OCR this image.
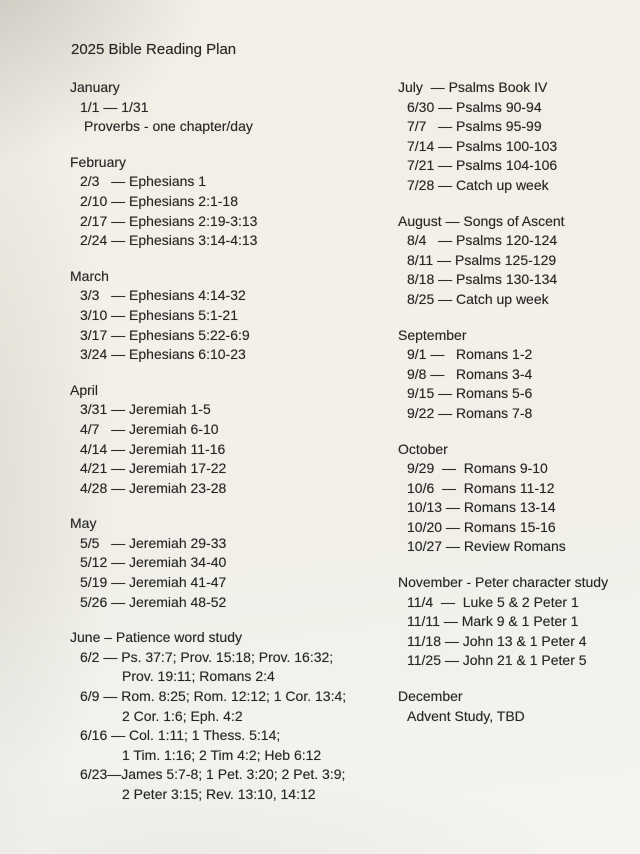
2025 Bible Reading Plan
January
1/1 — 1/31
Proverbs - one chapter/day
February
2/3   — Ephesians 1
2/10 — Ephesians 2:1-18
2/17 — Ephesians 2:19-3:13
2/24 — Ephesians 3:14-4:13
March
3/3   — Ephesians 4:14-32
3/10 — Ephesians 5:1-21
3/17 — Ephesians 5:22-6:9
3/24 — Ephesians 6:10-23
April
3/31 — Jeremiah 1-5
4/7   — Jeremiah 6-10
4/14 — Jeremiah 11-16
4/21 — Jeremiah 17-22
4/28 — Jeremiah 23-28
May
5/5   — Jeremiah 29-33
5/12 — Jeremiah 34-40
5/19 — Jeremiah 41-47
5/26 — Jeremiah 48-52
June – Patience word study
6/2 — Ps. 37:7; Prov. 15:18; Prov. 16:32;
Prov. 19:11; Romans 2:4
6/9 — Rom. 8:25; Rom. 12:12; 1 Cor. 13:4;
2 Cor. 1:6; Eph. 4:2
6/16 — Col. 1:11; 1 Thess. 5:14;
1 Tim. 1:16; 2 Tim 4:2; Heb 6:12
6/23—James 5:7-8; 1 Pet. 3:20; 2 Pet. 3:9;
2 Peter 3:15; Rev. 13:10, 14:12
July  — Psalms Book IV
6/30 — Psalms 90-94
7/7   — Psalms 95-99
7/14 — Psalms 100-103
7/21 — Psalms 104-106
7/28 — Catch up week
August — Songs of Ascent
8/4   — Psalms 120-124
8/11 — Psalms 125-129
8/18 — Psalms 130-134
8/25 — Catch up week
September
9/1 —   Romans 1-2
9/8 —   Romans 3-4
9/15 — Romans 5-6
9/22 — Romans 7-8
October
9/29  —  Romans 9-10
10/6  —  Romans 11-12
10/13 — Romans 13-14
10/20 — Romans 15-16
10/27 — Review Romans
November - Peter character study
11/4  —  Luke 5 & 2 Peter 1
11/11 — Mark 9 & 1 Peter 1
11/18 — John 13 & 1 Peter 4
11/25 — John 21 & 1 Peter 5
December
Advent Study, TBD
